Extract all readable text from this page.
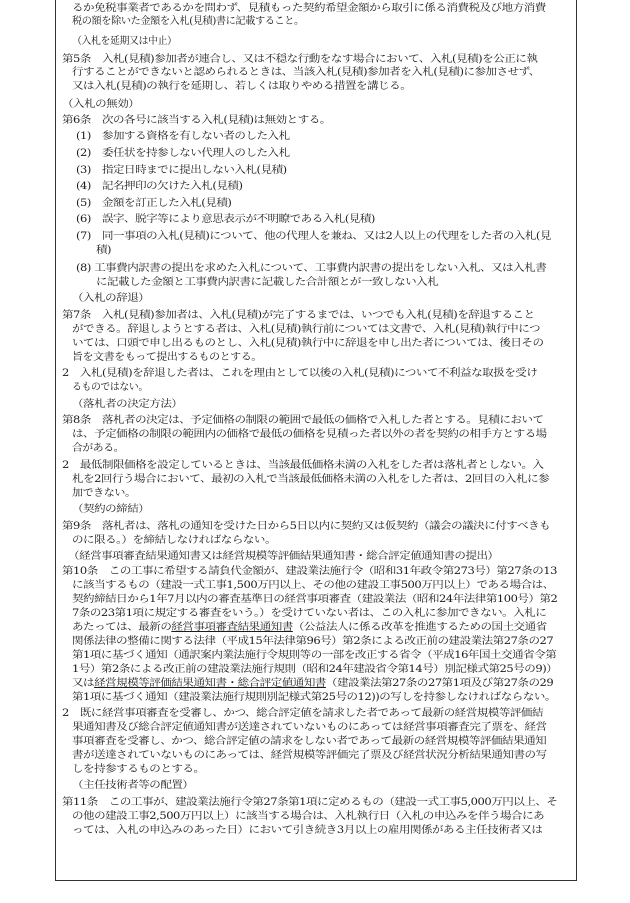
るか免税事業者であるかを問わず、見積もった契約希望金額から取引に係る消費税及び地方消費
税の額を除いた金額を入札(見積)書に記載すること。
（入札を延期又は中止）
第5条　入札(見積)参加者が連合し、又は不穏な行動をなす場合において、入札(見積)を公正に執
行することができないと認められるときは、当該入札(見積)参加者を入札(見積)に参加させず、
又は入札(見積)の執行を延期し、若しくは取りやめる措置を講じる。
（入札の無効）
第6条　次の各号に該当する入札(見積)は無効とする。
(1)　参加する資格を有しない者のした入札
(2)　委任状を持参しない代理人のした入札
(3)　指定日時までに提出しない入札(見積)
(4)　記名押印の欠けた入札(見積)
(5)　金額を訂正した入札(見積)
(6)　誤字、脱字等により意思表示が不明瞭である入札(見積)
(7)　同一事項の入札(見積)について、他の代理人を兼ね、又は2人以上の代理をした者の入札(見
積)
(8) 工事費内訳書の提出を求めた入札について、工事費内訳書の提出をしない入札、又は入札書
に記載した金額と工事費内訳書に記載した合計額とが一致しない入札
（入札の辞退）
第7条　入札(見積)参加者は、入札(見積)が完了するまでは、いつでも入札(見積)を辞退すること
ができる。辞退しようとする者は、入札(見積)執行前については文書で、入札(見積)執行中につ
いては、口頭で申し出るものとし、入札(見積)執行中に辞退を申し出た者については、後日その
旨を文書をもって提出するものとする。
2　入札(見積)を辞退した者は、これを理由として以後の入札(見積)について不利益な取扱を受け
るものではない。
（落札者の決定方法）
第8条　落札者の決定は、予定価格の制限の範囲で最低の価格で入札した者とする。見積において
は、予定価格の制限の範囲内の価格で最低の価格を見積った者以外の者を契約の相手方とする場
合がある。
2　最低制限価格を設定しているときは、当該最低価格未満の入札をした者は落札者としない。入
札を2回行う場合において、最初の入札で当該最低価格未満の入札をした者は、2回目の入札に参
加できない。
（契約の締結）
第9条　落札者は、落札の通知を受けた日から5日以内に契約又は仮契約（議会の議決に付すべきも
のに限る。）を締結しなければならない。
（経営事項審査結果通知書又は経営規模等評価結果通知書・総合評定値通知書の提出）
第10条　この工事に希望する請負代金額が、建設業法施行令（昭和31年政令第273号）第27条の13
に該当するもの（建設一式工事1,500万円以上、その他の建設工事500万円以上）である場合は、
契約締結日から1年7月以内の審査基準日の経営事項審査（建設業法（昭和24年法律第100号）第2
7条の23第1項に規定する審査をいう。）を受けていない者は、この入札に参加できない。入札に
あたっては、最新の経営事項審査結果通知書（公益法人に係る改革を推進するための国土交通省
関係法律の整備に関する法律（平成15年法律第96号）第2条による改正前の建設業法第27条の27
第1項に基づく通知（通訳案内業法施行令規則等の一部を改正する省令（平成16年国土交通省令第
1号）第2条による改正前の建設業法施行規則（昭和24年建設省令第14号）別記様式第25号の9)）
又は経営規模等評価結果通知書・総合評定値通知書（建設業法第27条の27第1項及び第27条の29
第1項に基づく通知（建設業法施行規則別記様式第25号の12))の写しを持参しなければならない。
2　既に経営事項審査を受審し、かつ、総合評定値を請求した者であって最新の経営規模等評価結
果通知書及び総合評定値通知書が送達されていないものにあっては経営事項審査完了票を、経営
事項審査を受審し、かつ、総合評定値の請求をしない者であって最新の経営規模等評価結果通知
書が送達されていないものにあっては、経営規模等評価完了票及び経営状況分析結果通知書の写
しを持参するものとする。
（主任技術者等の配置）
第11条　この工事が、建設業法施行令第27条第1項に定めるもの（建設一式工事5,000万円以上、そ
の他の建設工事2,500万円以上）に該当する場合は、入札執行日（入札の申込みを伴う場合にあ
っては、入札の申込みのあった日）において引き続き3月以上の雇用関係がある主任技術者又は
